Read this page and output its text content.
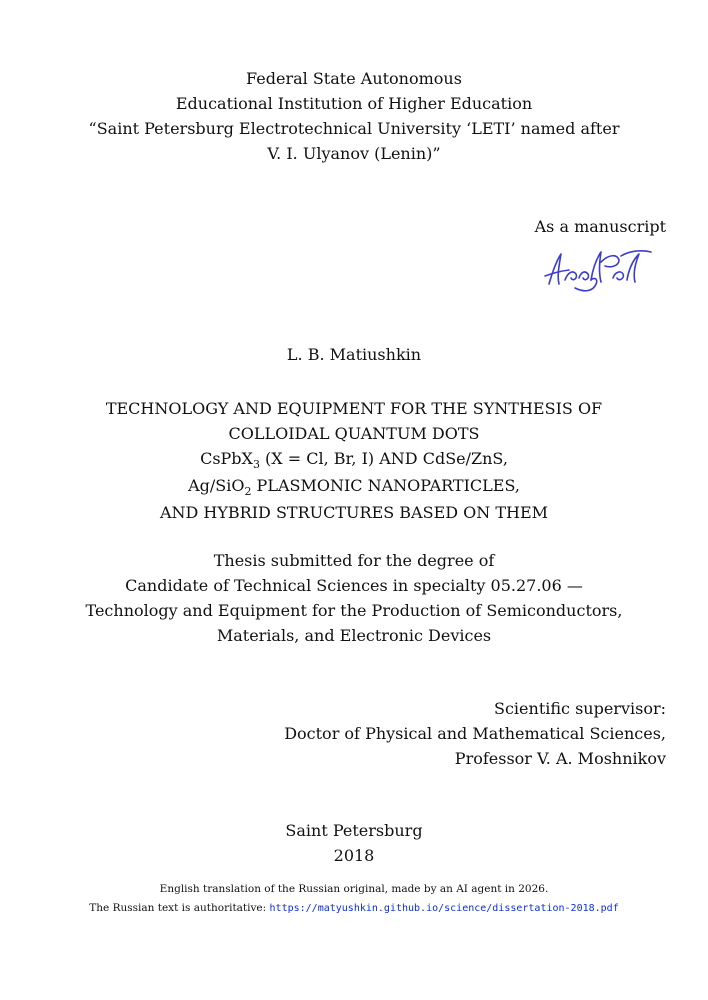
Federal State Autonomous
Educational Institution of Higher Education
“Saint Petersburg Electrotechnical University ‘LETI’ named after
V. I. Ulyanov (Lenin)”
As a manuscript
L. B. Matiushkin
TECHNOLOGY AND EQUIPMENT FOR THE SYNTHESIS OF
COLLOIDAL QUANTUM DOTS
CsPbX$_3$ (X = Cl, Br, I) AND CdSe/ZnS,
Ag/SiO$_2$ PLASMONIC NANOPARTICLES,
AND HYBRID STRUCTURES BASED ON THEM
Thesis submitted for the degree of
Candidate of Technical Sciences in specialty 05.27.06 —
Technology and Equipment for the Production of Semiconductors,
Materials, and Electronic Devices
Scientific supervisor:
Doctor of Physical and Mathematical Sciences,
Professor V. A. Moshnikov
Saint Petersburg
2018
English translation of the Russian original, made by an AI agent in 2026.
The Russian text is authoritative: https://matyushkin.github.io/science/dissertation-2018.pdf
